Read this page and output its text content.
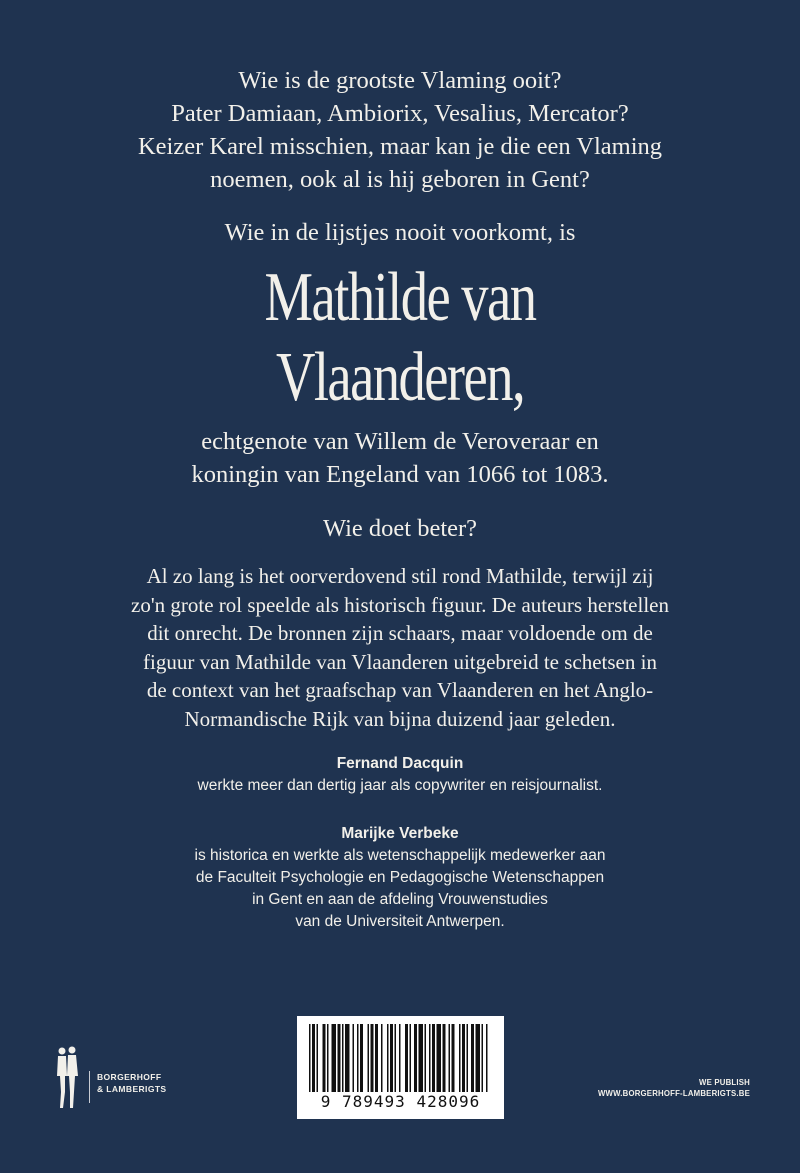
Wie is de grootste Vlaming ooit?
Pater Damiaan, Ambiorix, Vesalius, Mercator?
Keizer Karel misschien, maar kan je die een Vlaming
noemen, ook al is hij geboren in Gent?
Wie in de lijstjes nooit voorkomt, is
Mathilde van
Vlaanderen,
echtgenote van Willem de Veroveraar en
koningin van Engeland van 1066 tot 1083.
Wie doet beter?
Al zo lang is het oorverdovend stil rond Mathilde, terwijl zij
zo'n grote rol speelde als historisch figuur. De auteurs herstellen
dit onrecht. De bronnen zijn schaars, maar voldoende om de
figuur van Mathilde van Vlaanderen uitgebreid te schetsen in
de context van het graafschap van Vlaanderen en het Anglo-
Normandische Rijk van bijna duizend jaar geleden.
Fernand Dacquin
werkte meer dan dertig jaar als copywriter en reisjournalist.
Marijke Verbeke
is historica en werkte als wetenschappelijk medewerker aan
de Faculteit Psychologie en Pedagogische Wetenschappen
in Gent en aan de afdeling Vrouwenstudies
van de Universiteit Antwerpen.
9 789493 428096
BORGERHOFF
& LAMBERIGTS
WE PUBLISH
WWW.BORGERHOFF-LAMBERIGTS.BE
